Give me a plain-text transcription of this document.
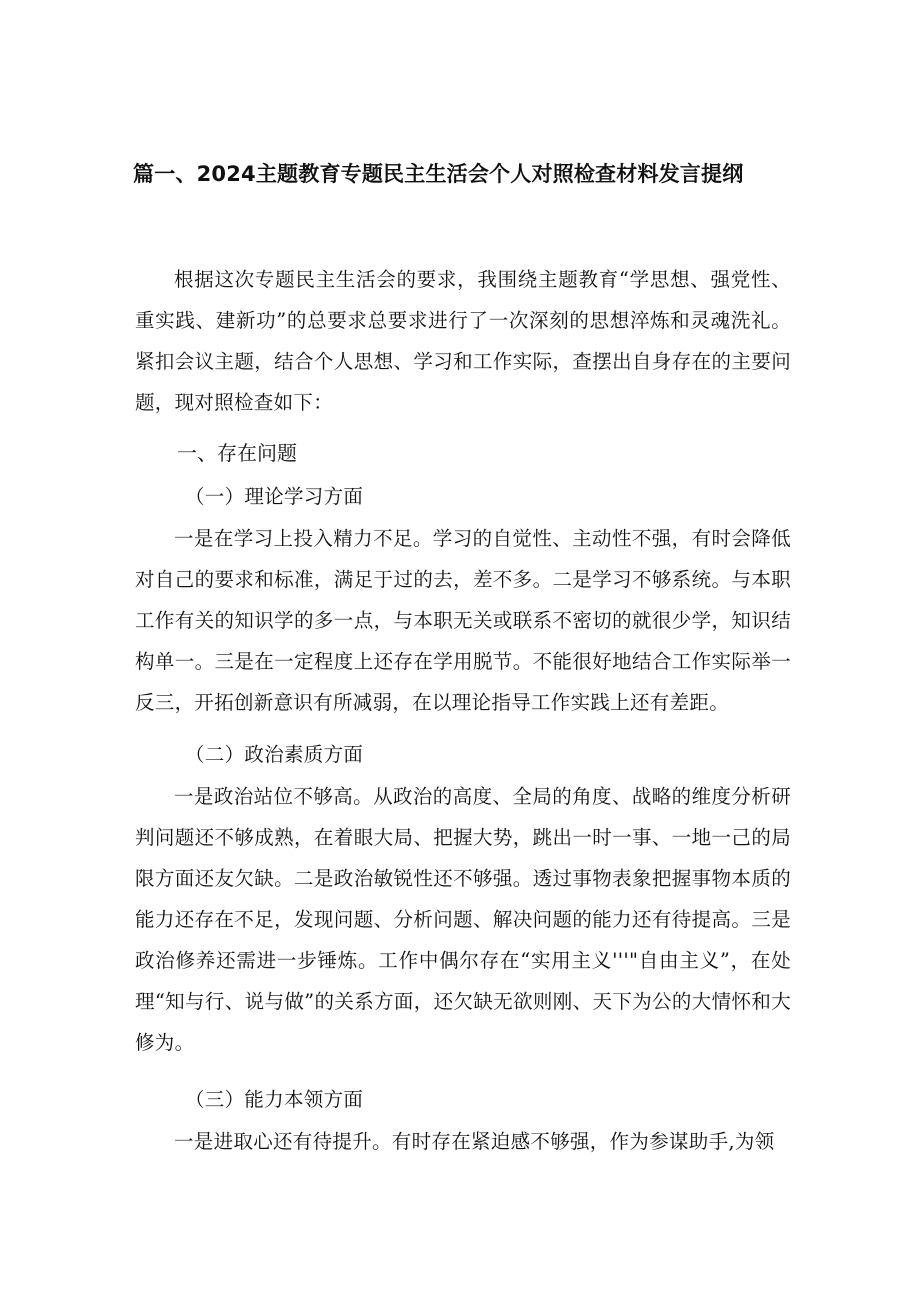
篇一、2024主题教育专题民主生活会个人对照检查材料发言提纲

根据这次专题民主生活会的要求，我围绕主题教育“学思想、强党性、重实践、建新功”的总要求总要求进行了一次深刻的思想淬炼和灵魂洗礼。紧扣会议主题，结合个人思想、学习和工作实际，查摆出自身存在的主要问题，现对照检查如下：

一、存在问题
（一）理论学习方面

一是在学习上投入精力不足。学习的自觉性、主动性不强，有时会降低对自己的要求和标准，满足于过的去，差不多。二是学习不够系统。与本职工作有关的知识学的多一点，与本职无关或联系不密切的就很少学，知识结构单一。三是在一定程度上还存在学用脱节。不能很好地结合工作实际举一反三，开拓创新意识有所减弱，在以理论指导工作实践上还有差距。

（二）政治素质方面

一是政治站位不够高。从政治的高度、全局的角度、战略的维度分析研判问题还不够成熟，在着眼大局、把握大势，跳出一时一事、一地一己的局限方面还友欠缺。二是政治敏锐性还不够强。透过事物表象把握事物本质的能力还存在不足，发现问题、分析问题、解决问题的能力还有待提高。三是政治修养还需进一步锤炼。工作中偶尔存在“实用主义'''"自由主义”，在处理“知与行、说与做”的关系方面，还欠缺无欲则刚、天下为公的大情怀和大修为。

（三）能力本领方面

一是进取心还有待提升。有时存在紧迫感不够强，作为参谋助手,为领
